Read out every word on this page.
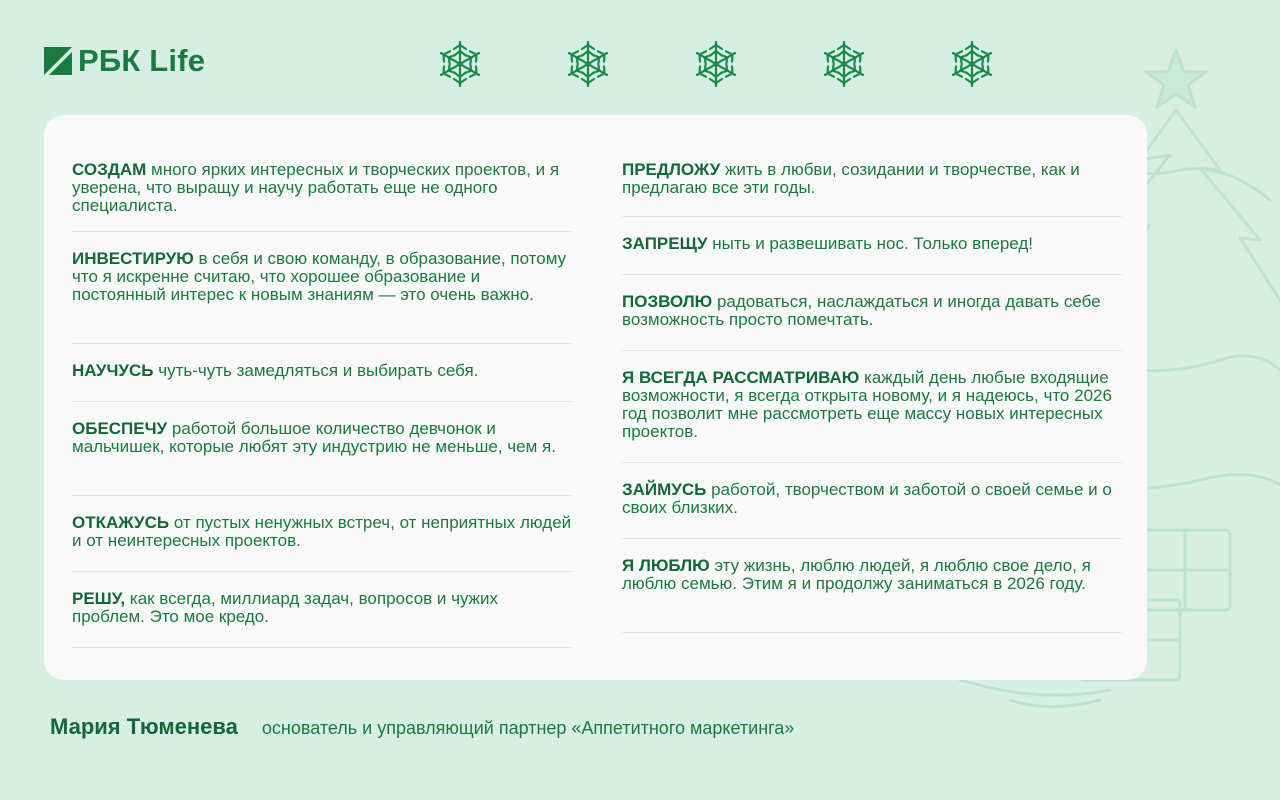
РБК Life
СОЗДАМ много ярких интересных и творческих проектов, и я уверена, что выращу и научу работать еще не одного специалиста.
ИНВЕСТИРУЮ в себя и свою команду, в образование, потому что я искренне считаю, что хорошее образование и постоянный интерес к новым знаниям — это очень важно.
НАУЧУСЬ чуть-чуть замедляться и выбирать себя.
ОБЕСПЕЧУ работой большое количество девчонок и мальчишек, которые любят эту индустрию не меньше, чем я.
ОТКАЖУСЬ от пустых ненужных встреч, от неприятных людей и от неинтересных проектов.
РЕШУ, как всегда, миллиард задач, вопросов и чужих проблем. Это мое кредо.
ПРЕДЛОЖУ жить в любви, созидании и творчестве, как и предлагаю все эти годы.
ЗАПРЕЩУ ныть и развешивать нос. Только вперед!
ПОЗВОЛЮ радоваться, наслаждаться и иногда давать себе возможность просто помечтать.
Я ВСЕГДА РАССМАТРИВАЮ каждый день любые входящие возможности, я всегда открыта новому, и я надеюсь, что 2026 год позволит мне рассмотреть еще массу новых интересных проектов.
ЗАЙМУСЬ работой, творчеством и заботой о своей семье и о своих близких.
Я ЛЮБЛЮ эту жизнь, люблю людей, я люблю свое дело, я люблю семью. Этим я и продолжу заниматься в 2026 году.
Мария Тюменева основатель и управляющий партнер «Аппетитного маркетинга»
